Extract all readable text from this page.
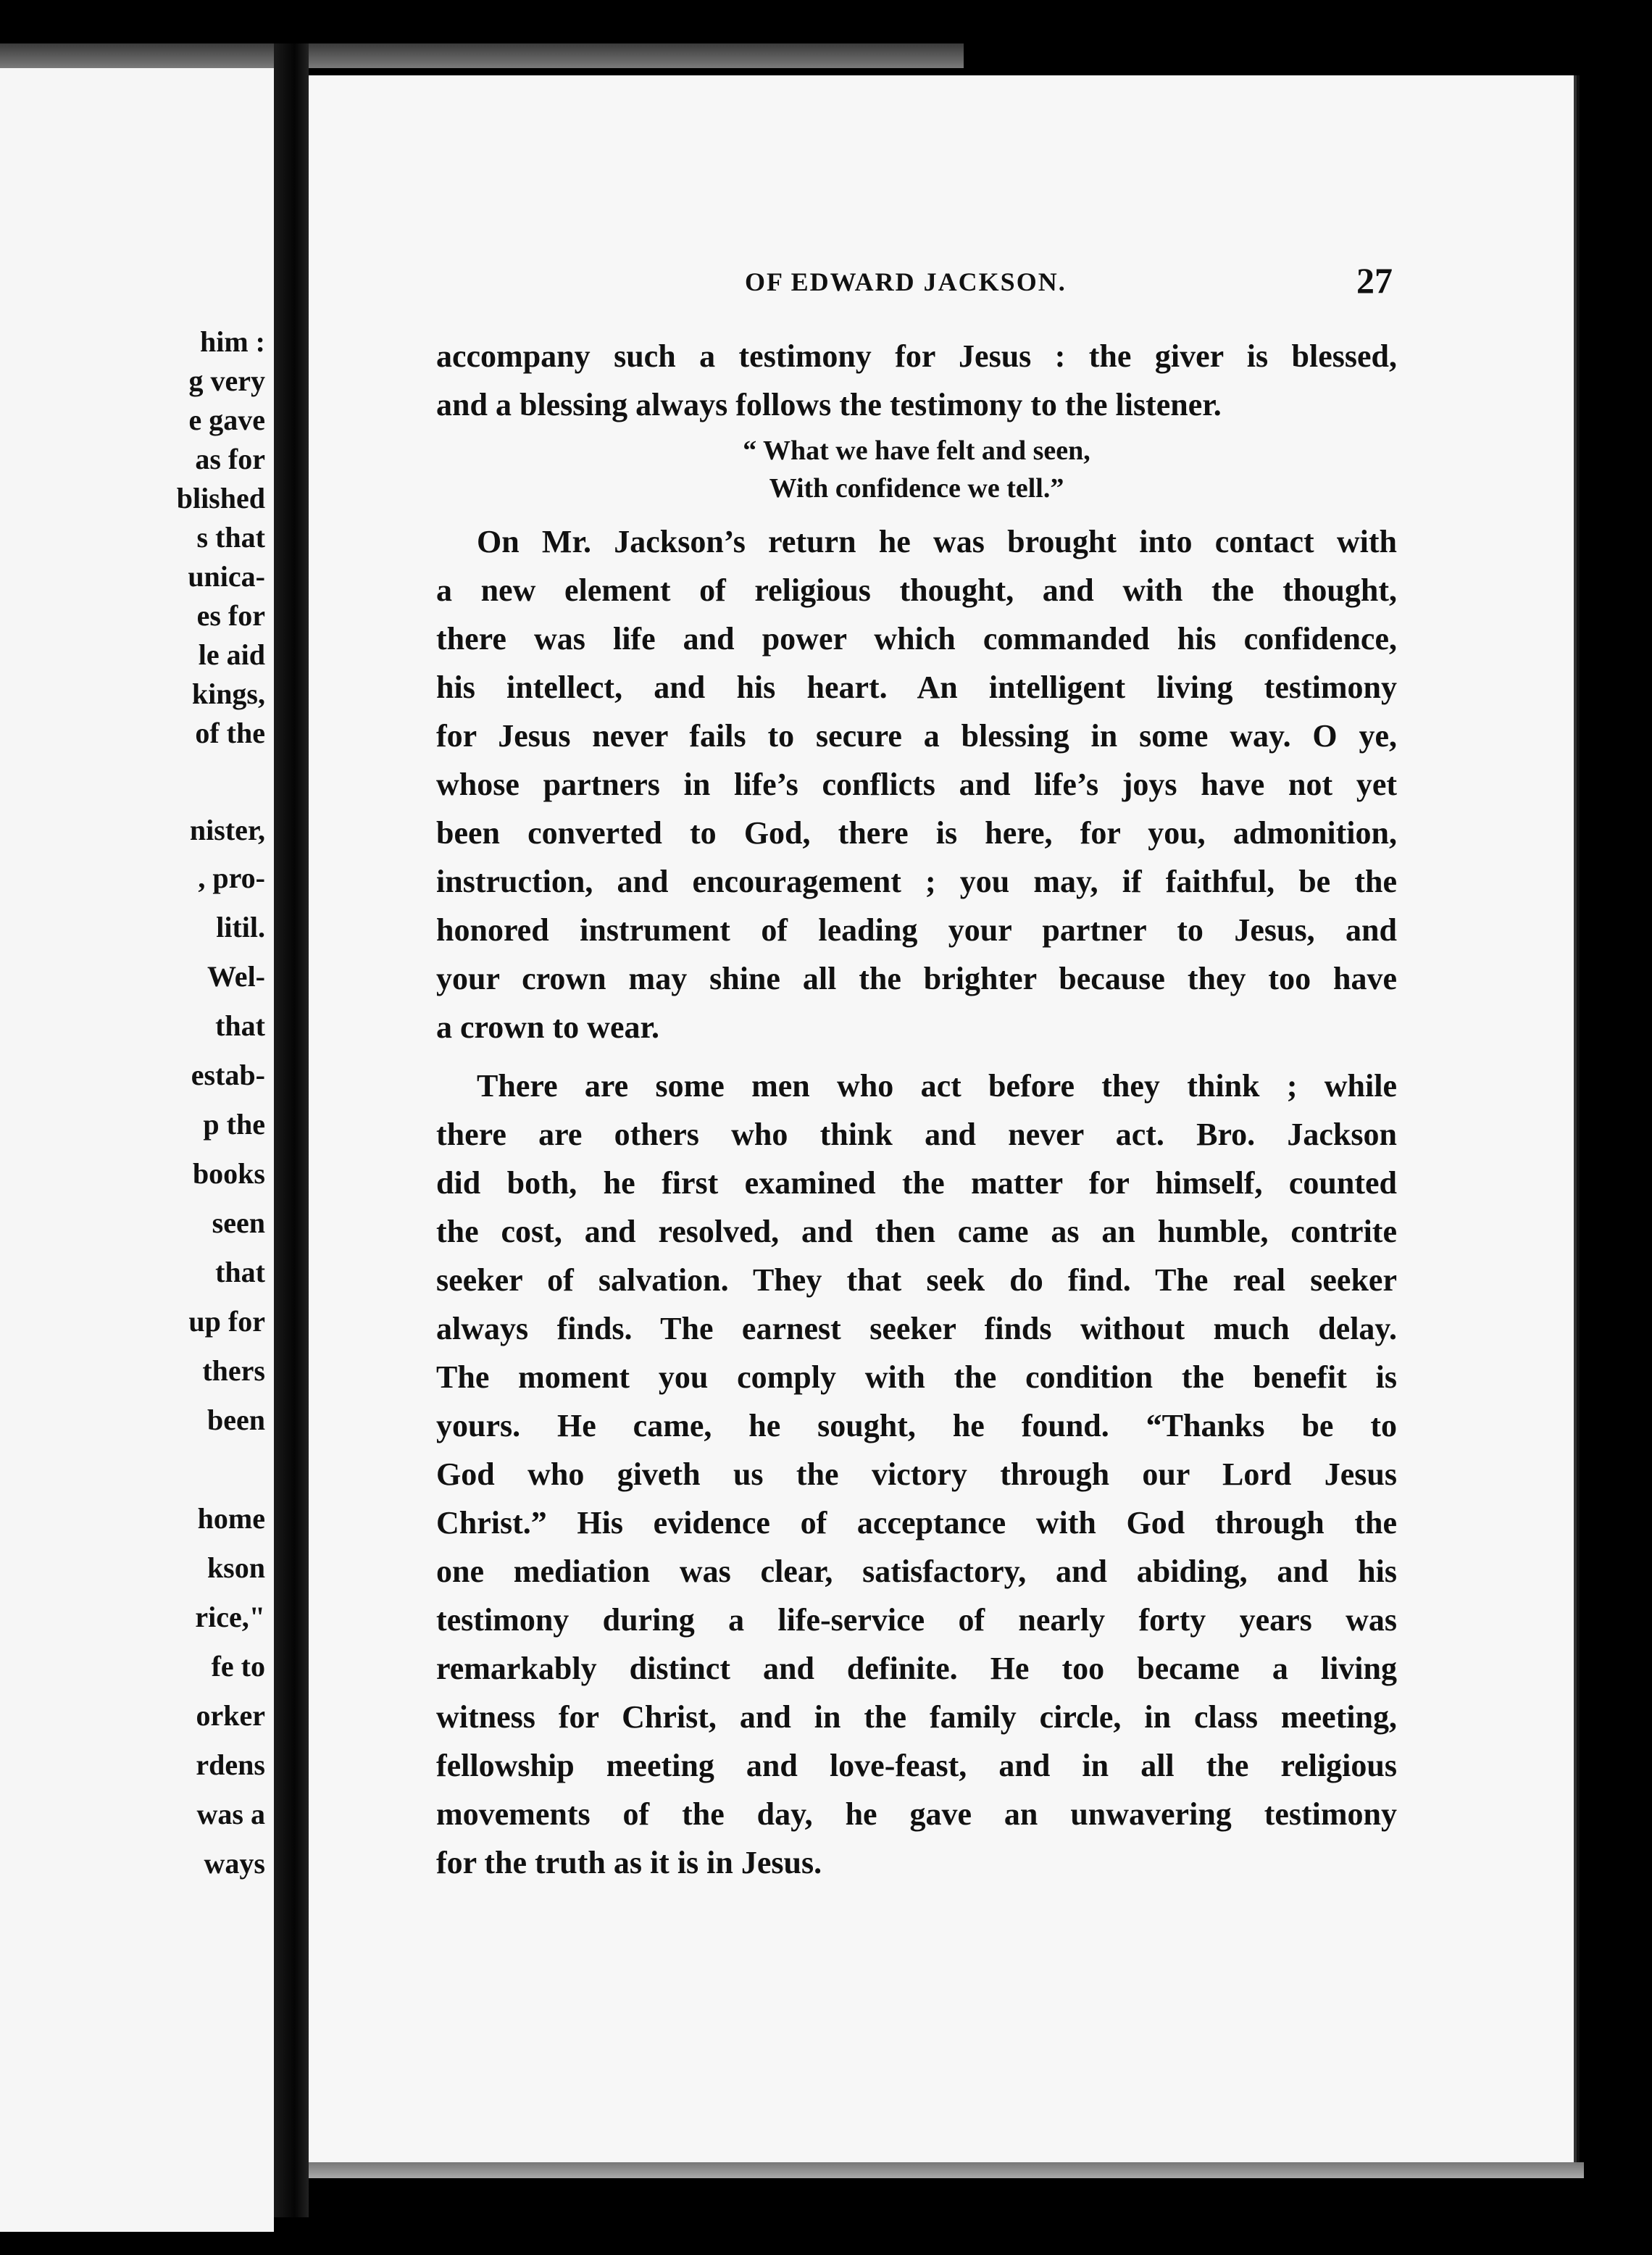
him :
g very
e gave
as for
blished
s that
unica-
es for
le aid
kings,
of the
nister,
, pro-
litil.
Wel-
that
estab-
p the
books
seen
that
up for
thers
been
home
kson
rice,"
fe to
orker
rdens
was a
ways
OF EDWARD JACKSON.	27
accompany such a testimony for Jesus : the giver is blessed,
and a blessing always follows the testimony to the listener.
“ What we have felt and seen,
With confidence we tell.”
On Mr. Jackson’s return he was brought into contact with
a new element of religious thought, and with the thought,
there was life and power which commanded his confidence,
his intellect, and his heart. An intelligent living testimony
for Jesus never fails to secure a blessing in some way. O ye,
whose partners in life’s conflicts and life’s joys have not yet
been converted to God, there is here, for you, admonition,
instruction, and encouragement ; you may, if faithful, be the
honored instrument of leading your partner to Jesus, and
your crown may shine all the brighter because they too have
a crown to wear.
There are some men who act before they think ; while
there are others who think and never act. Bro. Jackson
did both, he first examined the matter for himself, counted
the cost, and resolved, and then came as an humble, contrite
seeker of salvation. They that seek do find. The real seeker
always finds. The earnest seeker finds without much delay.
The moment you comply with the condition the benefit is
yours. He came, he sought, he found. “Thanks be to
God who giveth us the victory through our Lord Jesus
Christ.” His evidence of acceptance with God through the
one mediation was clear, satisfactory, and abiding, and his
testimony during a life-service of nearly forty years was
remarkably distinct and definite. He too became a living
witness for Christ, and in the family circle, in class meeting,
fellowship meeting and love-feast, and in all the religious
movements of the day, he gave an unwavering testimony
for the truth as it is in Jesus.
